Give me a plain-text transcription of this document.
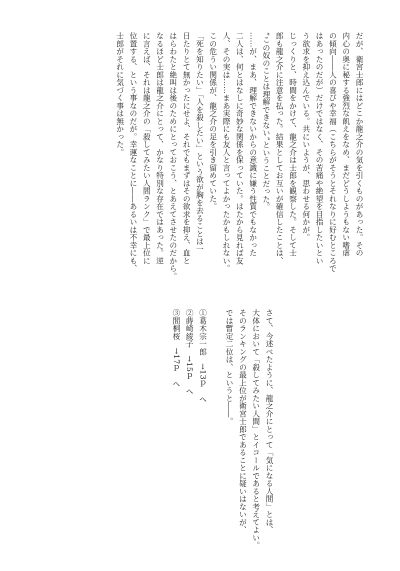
だが、衛宮士郎にはどこか龍之介の気を引くものがあった。その
内心の奥に秘する強烈な飢えをなめ、まだどうしようもない嗜虐
の傾向――人の喜びや幸福（こちらがそうとそれなりに好むところで
はあったのだが）だけではなく、その苦痛や絶望を目指したいとい
う欲求を抑え込んでいる。共にいようが、思わせる何かが。
じっくりと、時間をかけて、龍之介は士郎を観察した。そして士
郎も龍之介に注意を払った。結果としてお互いが確信したことは、
“この奴のことは理解できない”ということだった。
……が、まあ、理解できないからの意識に嫌う性質でもなかった
二人は、何とはなしに奇妙な関係を保っていた。はたから見れば友
人、その実は……まあ実際にも友人と言ってよかったかもしれない。
この危うい関係が、龍之介の足を引き留めていた。
「死を知りたい」「人を殺したい」という欲が胸を去ることは一
日たりとて無かったにせよ、それでもまずはその欲求を抑え、血と
はらわたと絶叫は後のためにとっておこう、とあえてさせたのだから。
なるほど士郎は龍之介にとって、かなり特別な存在ではあった。逆
に言えば、それは龍之介の「殺してみたい人間ランク」で最上位に
位置する、という事なのだが。幸運なことに――あるいは不幸にも、
士郎がそれに気づく事は無かった。
さて、今述べたように、龍之介にとって「気になる人間」とは、
大体において「殺してみたい人間」とイコールであると考えてよい。
そのランキングの最上位が衛宮士郎であることに疑いはないが、
では暫定二位は、というと――。
①葛木宗一郎　→13ｐ　へ
②蒔崎綾子　→15ｐ　へ
③間桐桜　→17ｐ　へ
